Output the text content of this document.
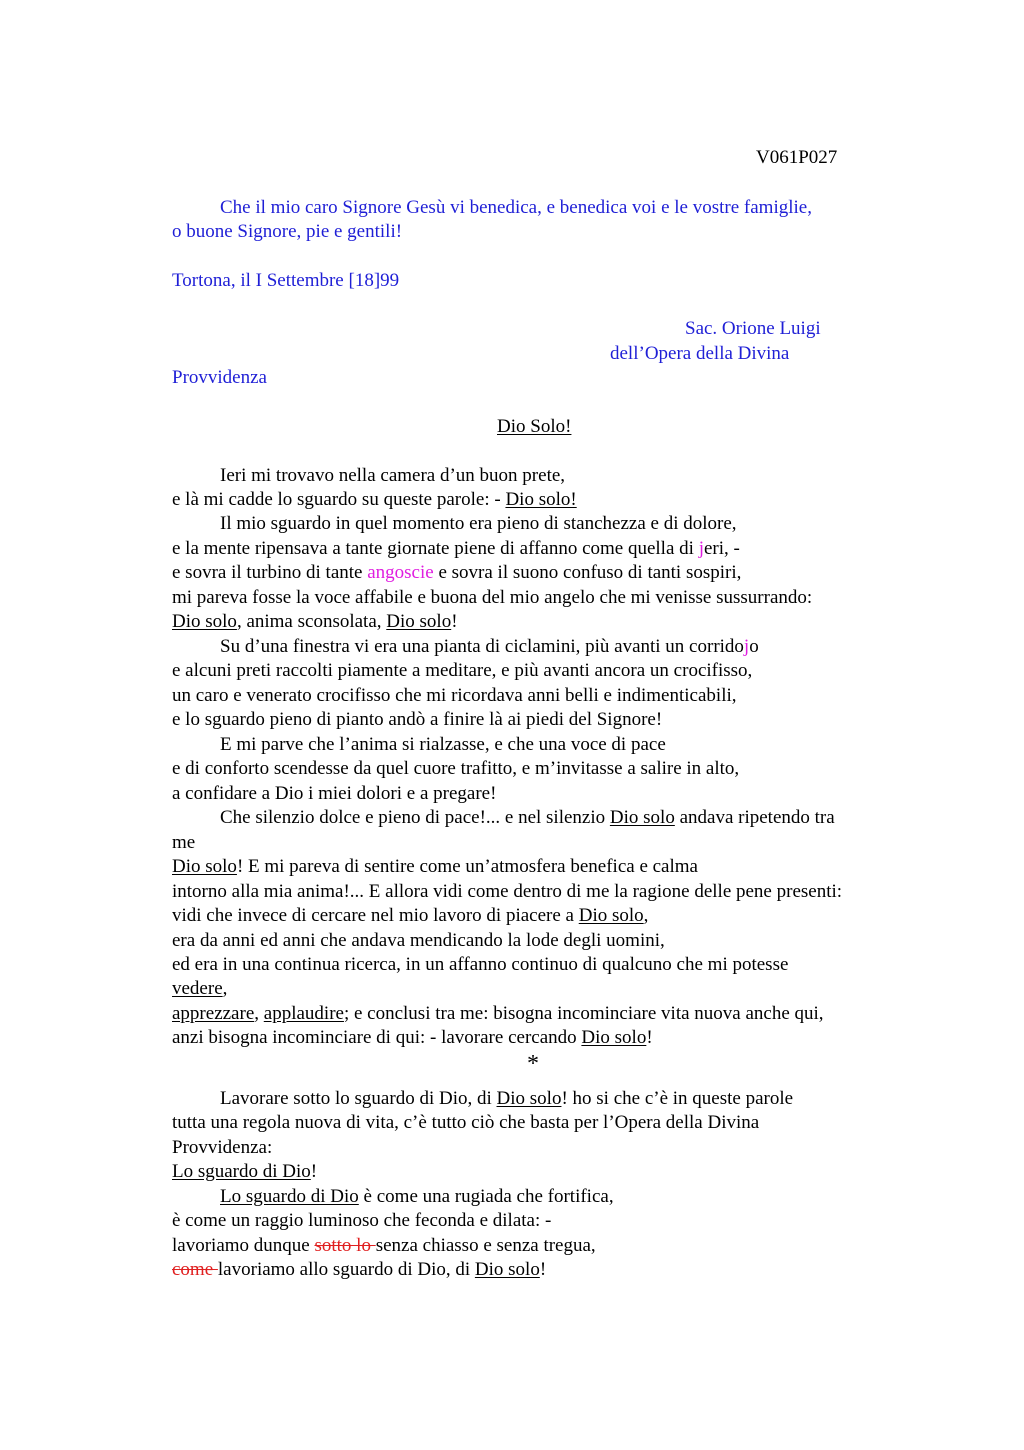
V061P027
Che il mio caro Signore Gesù vi benedica, e benedica voi e le vostre famiglie,
o buone Signore, pie e gentili!
Tortona, il I Settembre [18]99
Sac. Orione Luigi
dell’Opera della Divina
Provvidenza
Dio Solo!
Ieri mi trovavo nella camera d’un buon prete,
e là mi cadde lo sguardo su queste parole: - Dio solo!
Il mio sguardo in quel momento era pieno di stanchezza e di dolore,
e la mente ripensava a tante giornate piene di affanno come quella di jeri, -
e sovra il turbino di tante angoscie e sovra il suono confuso di tanti sospiri,
mi pareva fosse la voce affabile e buona del mio angelo che mi venisse sussurrando:
Dio solo, anima sconsolata, Dio solo!
Su d’una finestra vi era una pianta di ciclamini, più avanti un corridojo
e alcuni preti raccolti piamente a meditare, e più avanti ancora un crocifisso,
un caro e venerato crocifisso che mi ricordava anni belli e indimenticabili,
e lo sguardo pieno di pianto andò a finire là ai piedi del Signore!
E mi parve che l’anima si rialzasse, e che una voce di pace
e di conforto scendesse da quel cuore trafitto, e m’invitasse a salire in alto,
a confidare a Dio i miei dolori e a pregare!
Che silenzio dolce e pieno di pace!... e nel silenzio Dio solo andava ripetendo tra
me
Dio solo! E mi pareva di sentire come un’atmosfera benefica e calma
intorno alla mia anima!... E allora vidi come dentro di me la ragione delle pene presenti:
vidi che invece di cercare nel mio lavoro di piacere a Dio solo,
era da anni ed anni che andava mendicando la lode degli uomini,
ed era in una continua ricerca, in un affanno continuo di qualcuno che mi potesse
vedere,
apprezzare, applaudire; e conclusi tra me: bisogna incominciare vita nuova anche qui,
anzi bisogna incominciare di qui: - lavorare cercando Dio solo!
*
Lavorare sotto lo sguardo di Dio, di Dio solo! ho si che c’è in queste parole
tutta una regola nuova di vita, c’è tutto ciò che basta per l’Opera della Divina
Provvidenza:
Lo sguardo di Dio!
Lo sguardo di Dio è come una rugiada che fortifica,
è come un raggio luminoso che feconda e dilata: -
lavoriamo dunque sotto lo senza chiasso e senza tregua,
come lavoriamo allo sguardo di Dio, di Dio solo!
